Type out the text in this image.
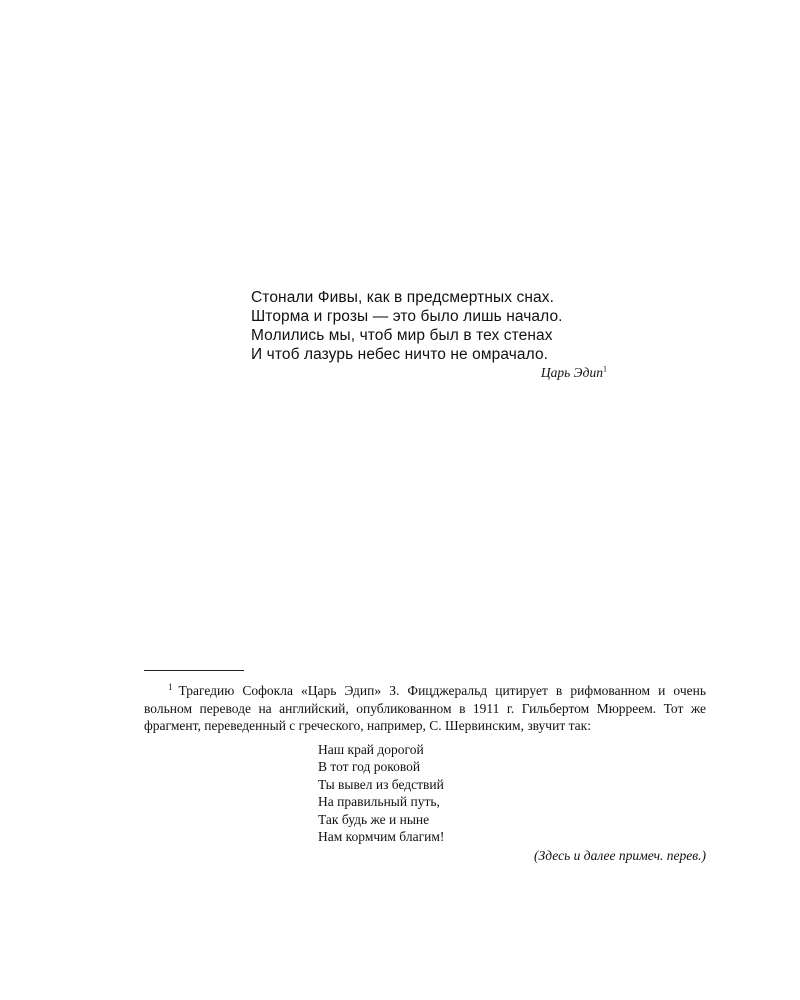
Стонали Фивы, как в предсмертных снах.
Шторма и грозы — это было лишь начало.
Молились мы, чтоб мир был в тех стенах
И чтоб лазурь небес ничто не омрачало.
Царь Эдип$^1$

$^1$ Трагедию Софокла «Царь Эдип» З. Фицджеральд цитирует в рифмованном и очень вольном переводе на английский, опубликованном в 1911 г. Гильбертом Мюрреем. Тот же фрагмент, переведенный с греческого, например, С. Шервинским, звучит так:

Наш край дорогой
В тот год роковой
Ты вывел из бедствий
На правильный путь,
Так будь же и ныне
Нам кормчим благим!

(Здесь и далее примеч. перев.)
